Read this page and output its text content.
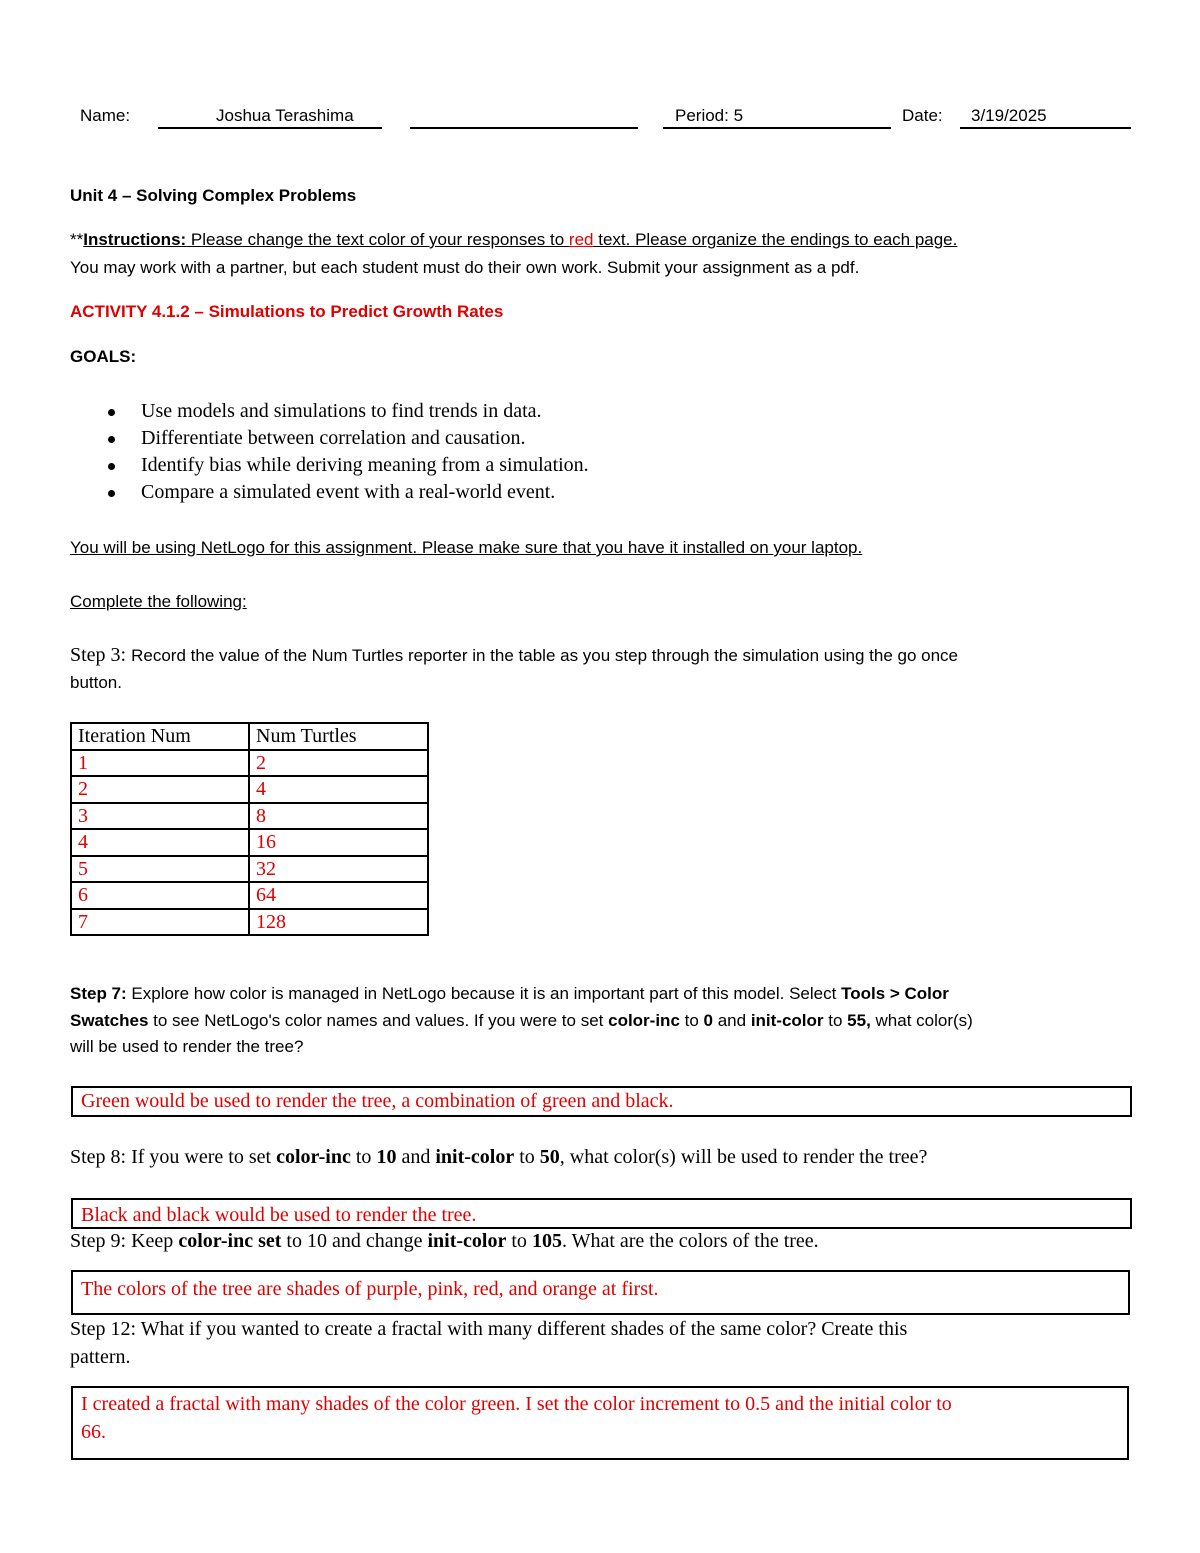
Name:	Joshua Terashima	Period: 5	Date: 3/19/2025
Unit 4 – Solving Complex Problems
**Instructions: Please change the text color of your responses to red text. Please organize the endings to each page.
You may work with a partner, but each student must do their own work. Submit your assignment as a pdf.
ACTIVITY 4.1.2 – Simulations to Predict Growth Rates
GOALS:
Use models and simulations to find trends in data.
Differentiate between correlation and causation.
Identify bias while deriving meaning from a simulation.
Compare a simulated event with a real-world event.
You will be using NetLogo for this assignment. Please make sure that you have it installed on your laptop.
Complete the following:
Step 3: Record the value of the Num Turtles reporter in the table as you step through the simulation using the go once
button.
Iteration Num	Num Turtles
1	2
2	4
3	8
4	16
5	32
6	64
7	128
Step 7: Explore how color is managed in NetLogo because it is an important part of this model. Select Tools > Color
Swatches to see NetLogo's color names and values. If you were to set color-inc to 0 and init-color to 55, what color(s)
will be used to render the tree?
Green would be used to render the tree, a combination of green and black.
Step 8: If you were to set color-inc to 10 and init-color to 50, what color(s) will be used to render the tree?
Black and black would be used to render the tree.
Step 9: Keep color-inc set to 10 and change init-color to 105. What are the colors of the tree.
The colors of the tree are shades of purple, pink, red, and orange at first.
Step 12: What if you wanted to create a fractal with many different shades of the same color? Create this
pattern.
I created a fractal with many shades of the color green. I set the color increment to 0.5 and the initial color to
66.
